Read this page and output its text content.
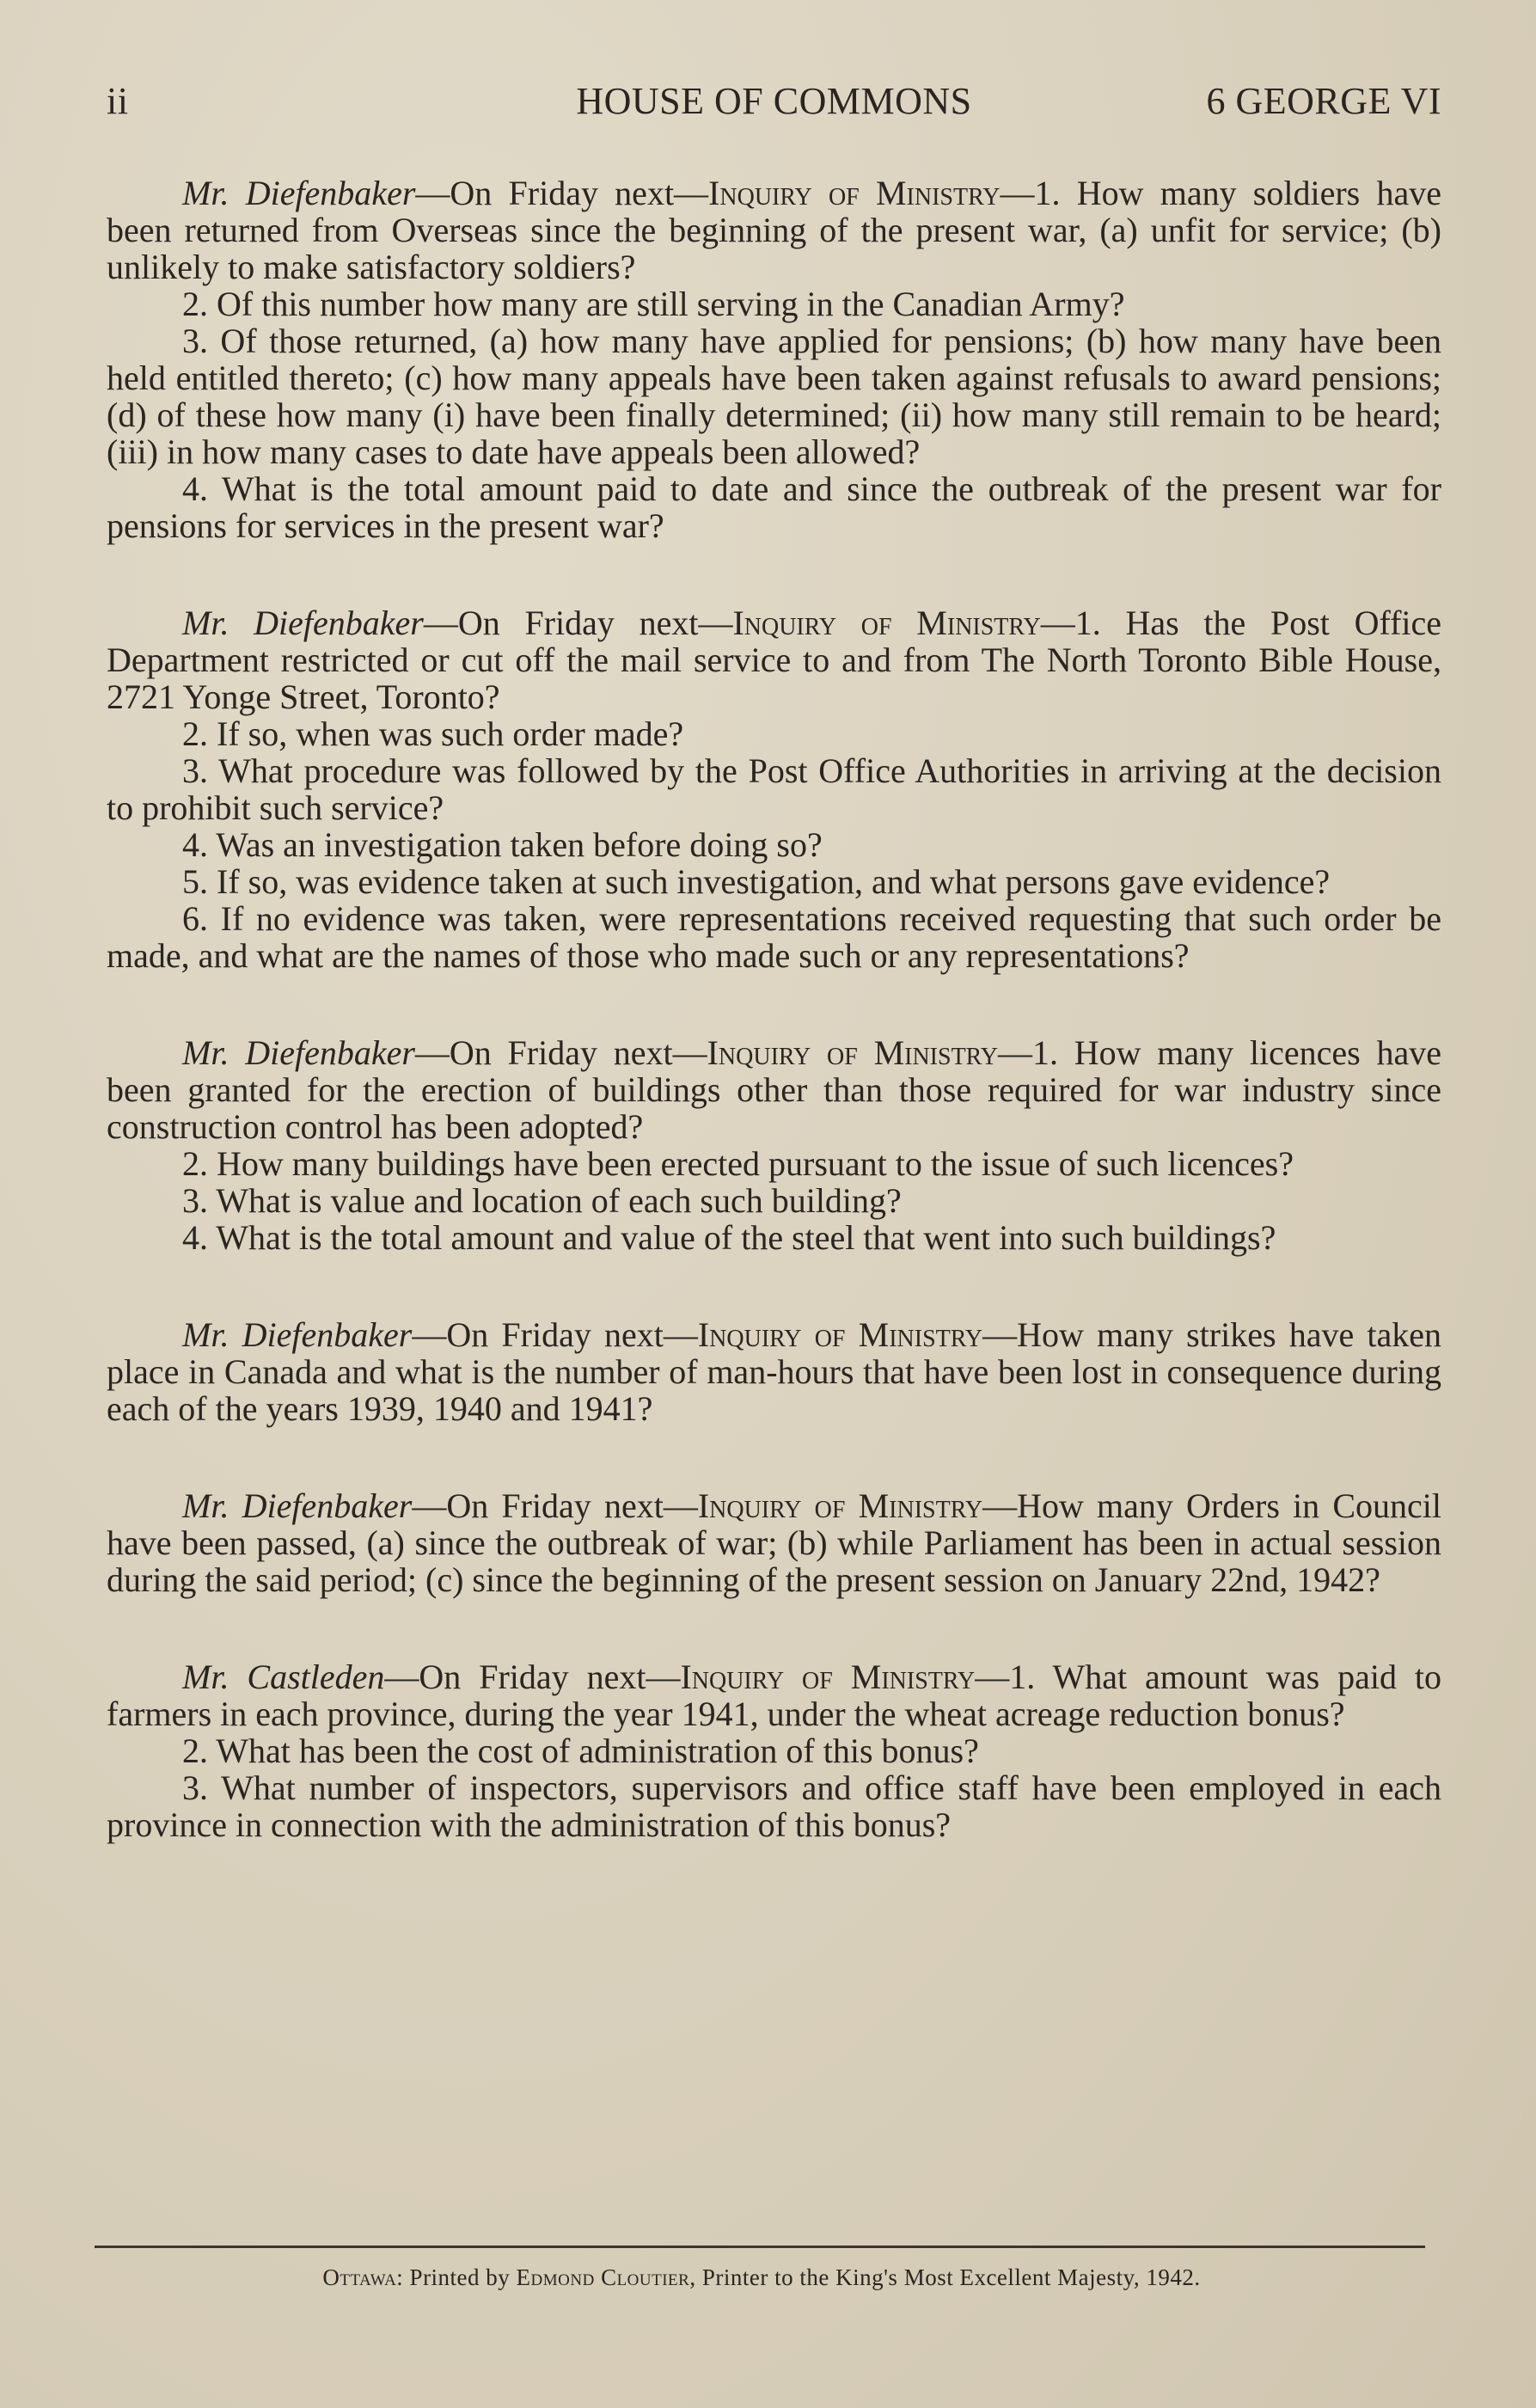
ii	HOUSE OF COMMONS	6 GEORGE VI

Mr. Diefenbaker—On Friday next—Inquiry of Ministry—1. How many soldiers have been returned from Overseas since the beginning of the present war, (a) unfit for service; (b) unlikely to make satisfactory soldiers?

2. Of this number how many are still serving in the Canadian Army?

3. Of those returned, (a) how many have applied for pensions; (b) how many have been held entitled thereto; (c) how many appeals have been taken against refusals to award pensions; (d) of these how many (i) have been finally determined; (ii) how many still remain to be heard; (iii) in how many cases to date have appeals been allowed?

4. What is the total amount paid to date and since the outbreak of the present war for pensions for services in the present war?

Mr. Diefenbaker—On Friday next—Inquiry of Ministry—1. Has the Post Office Department restricted or cut off the mail service to and from The North Toronto Bible House, 2721 Yonge Street, Toronto?

2. If so, when was such order made?

3. What procedure was followed by the Post Office Authorities in arriving at the decision to prohibit such service?

4. Was an investigation taken before doing so?

5. If so, was evidence taken at such investigation, and what persons gave evidence?

6. If no evidence was taken, were representations received requesting that such order be made, and what are the names of those who made such or any representations?

Mr. Diefenbaker—On Friday next—Inquiry of Ministry—1. How many licences have been granted for the erection of buildings other than those required for war industry since construction control has been adopted?

2. How many buildings have been erected pursuant to the issue of such licences?

3. What is value and location of each such building?

4. What is the total amount and value of the steel that went into such buildings?

Mr. Diefenbaker—On Friday next—Inquiry of Ministry—How many strikes have taken place in Canada and what is the number of man-hours that have been lost in consequence during each of the years 1939, 1940 and 1941?

Mr. Diefenbaker—On Friday next—Inquiry of Ministry—How many Orders in Council have been passed, (a) since the outbreak of war; (b) while Parliament has been in actual session during the said period; (c) since the beginning of the present session on January 22nd, 1942?

Mr. Castleden—On Friday next—Inquiry of Ministry—1. What amount was paid to farmers in each province, during the year 1941, under the wheat acreage reduction bonus?

2. What has been the cost of administration of this bonus?

3. What number of inspectors, supervisors and office staff have been employed in each province in connection with the administration of this bonus?

Ottawa: Printed by Edmond Cloutier, Printer to the King's Most Excellent Majesty, 1942.
